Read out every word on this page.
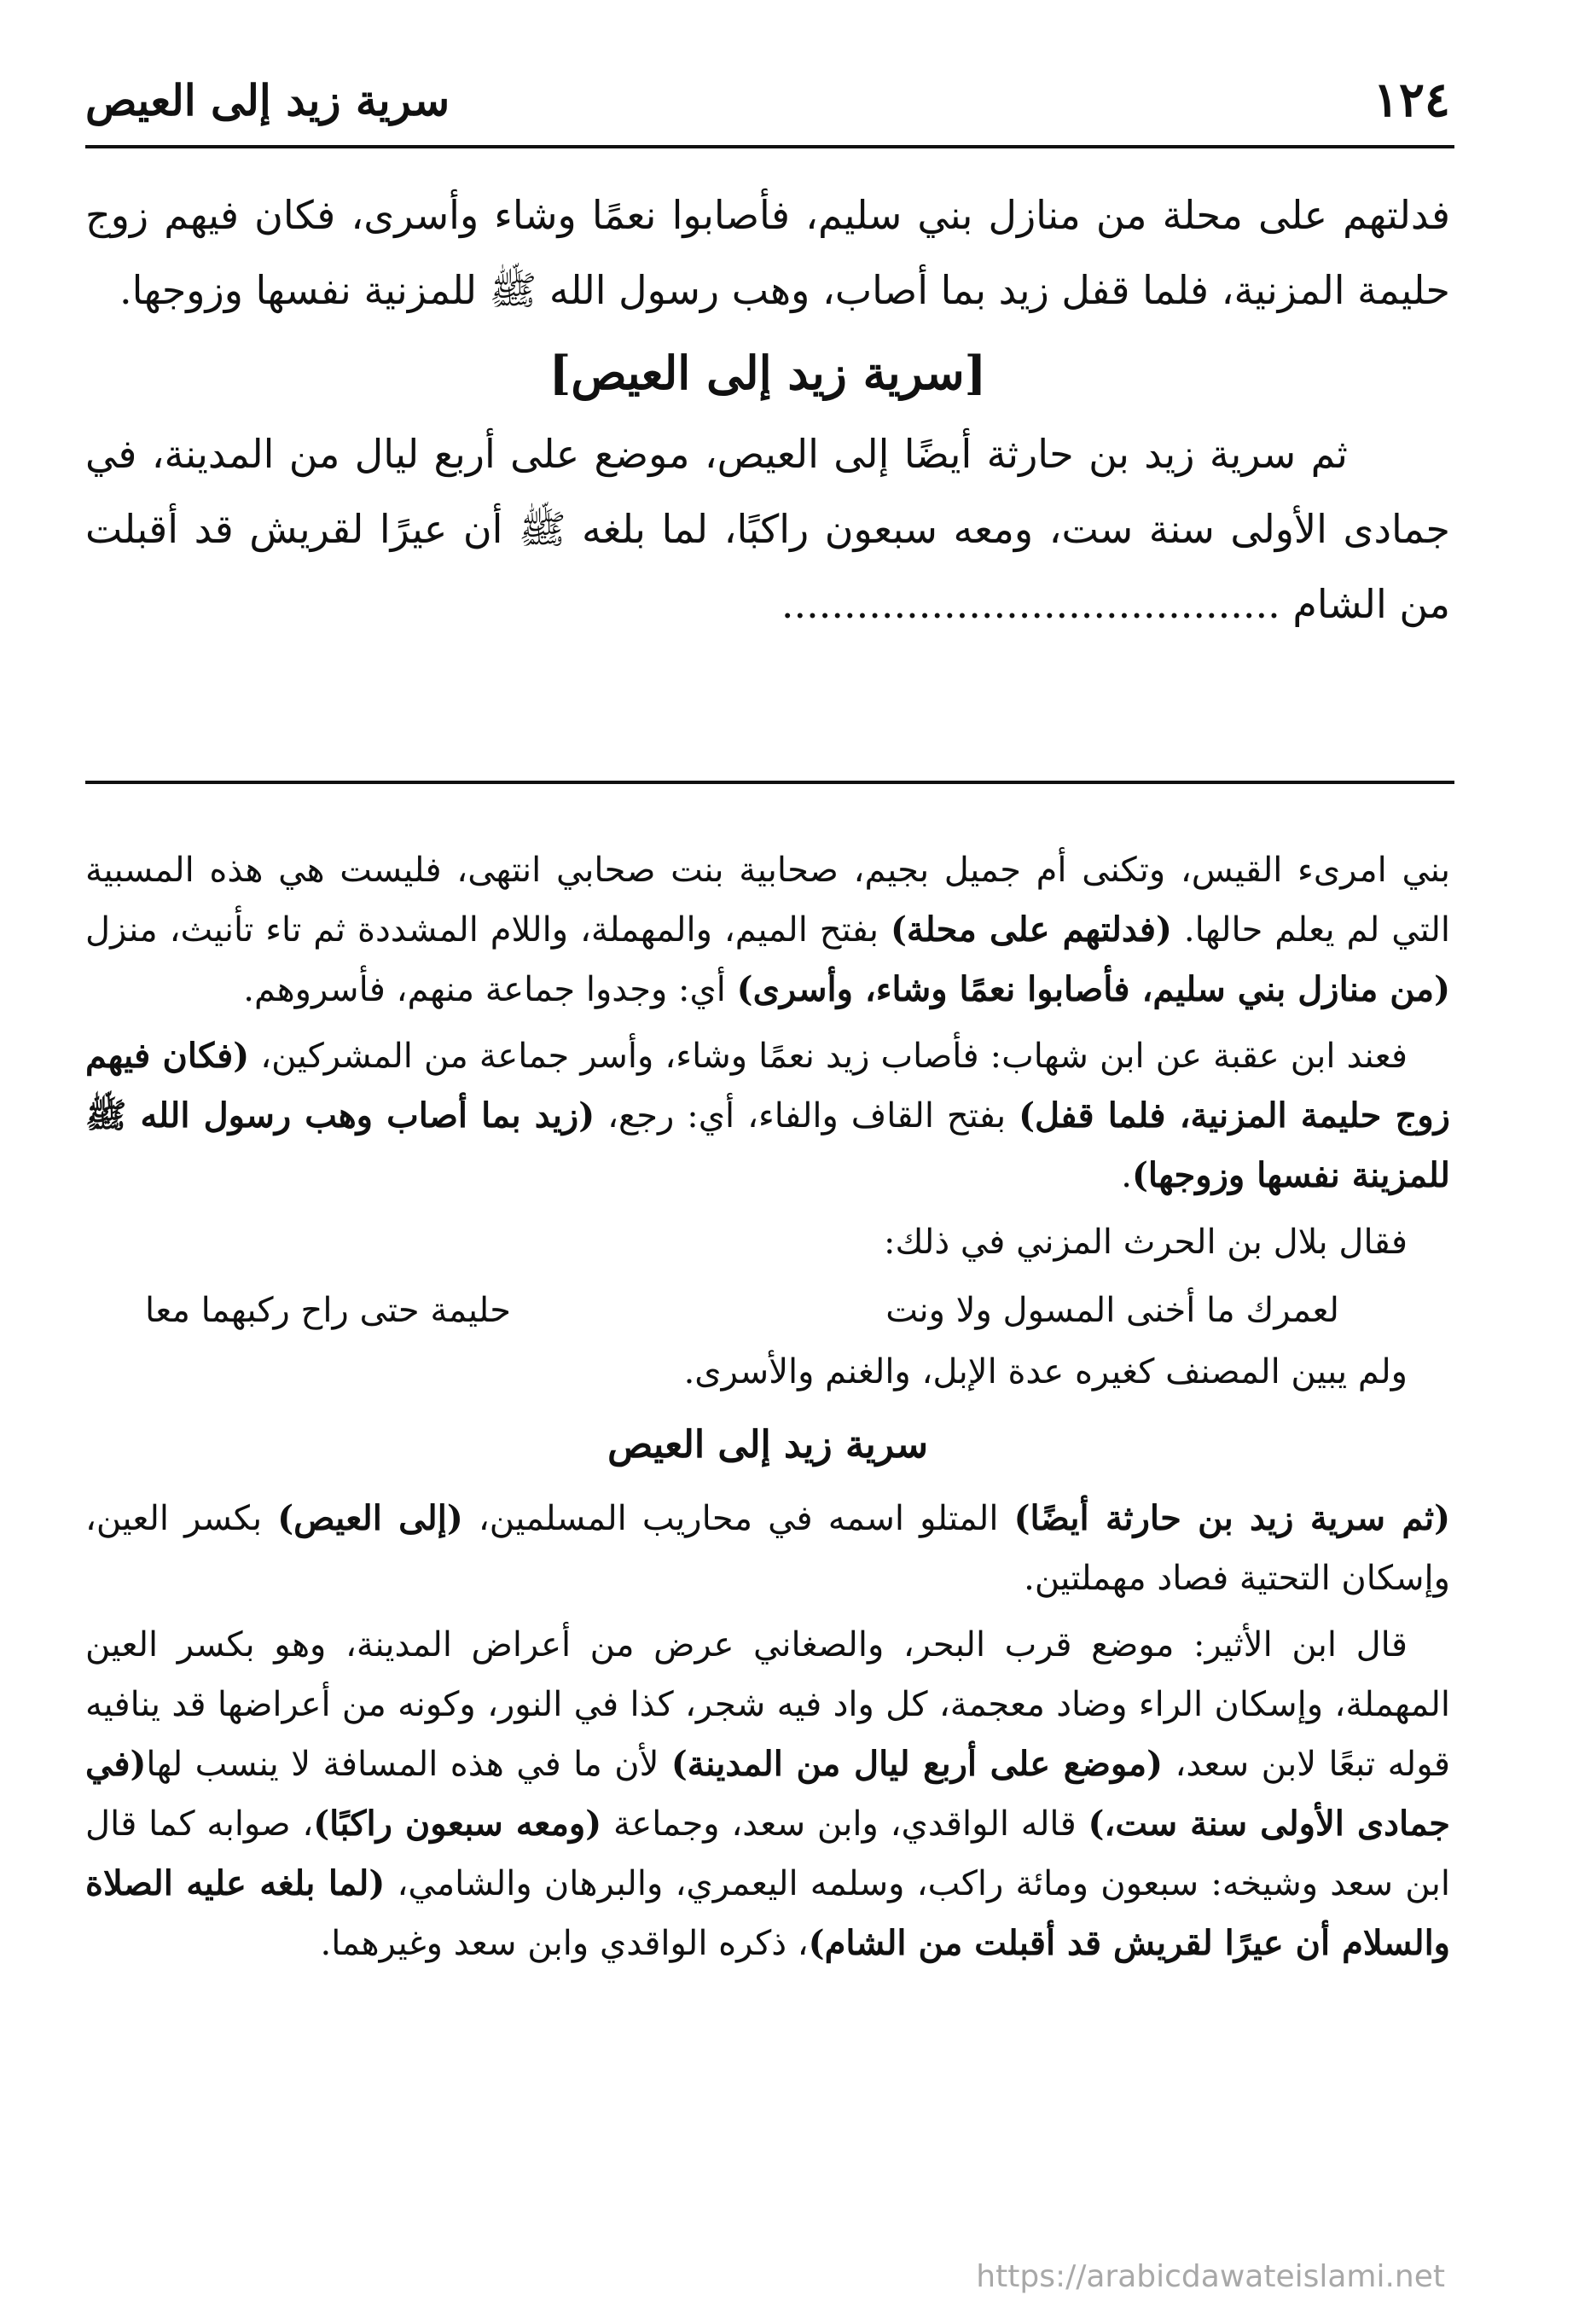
سرية زيد إلى العيص	١٢٤

فدلتهم على محلة من منازل بني سليم، فأصابوا نعمًا وشاء وأسرى، فكان فيهم زوج حليمة المزنية، فلما قفل زيد بما أصاب، وهب رسول الله ﷺ للمزنية نفسها وزوجها.

[سرية زيد إلى العيص]

ثم سرية زيد بن حارثة أيضًا إلى العيص، موضع على أربع ليال من المدينة، في جمادى الأولى سنة ست، ومعه سبعون راكبًا، لما بلغه ﷺ أن عيرًا لقريش قد أقبلت من الشام ........................................

بني امرىء القيس، وتكنى أم جميل بجيم، صحابية بنت صحابي انتهى، فليست هي هذه المسبية التي لم يعلم حالها. (فدلتهم على محلة) بفتح الميم، والمهملة، واللام المشددة ثم تاء تأنيث، منزل (من منازل بني سليم، فأصابوا نعمًا وشاء، وأسرى) أي: وجدوا جماعة منهم، فأسروهم.

فعند ابن عقبة عن ابن شهاب: فأصاب زيد نعمًا وشاء، وأسر جماعة من المشركين، (فكان فيهم زوج حليمة المزنية، فلما قفل) بفتح القاف والفاء، أي: رجع، (زيد بما أصاب وهب رسول الله ﷺ للمزينة نفسها وزوجها).

فقال بلال بن الحرث المزني في ذلك:

لعمرك ما أخنى المسول ولا ونت
حليمة حتى راح ركبهما معا

ولم يبين المصنف كغيره عدة الإبل، والغنم والأسرى.

سرية زيد إلى العيص

(ثم سرية زيد بن حارثة أيضًا) المتلو اسمه في محاريب المسلمين، (إلى العيص) بكسر العين، وإسكان التحتية فصاد مهملتين.

قال ابن الأثير: موضع قرب البحر، والصغاني عرض من أعراض المدينة، وهو بكسر العين المهملة، وإسكان الراء وضاد معجمة، كل واد فيه شجر، كذا في النور، وكونه من أعراضها قد ينافيه قوله تبعًا لابن سعد، (موضع على أربع ليال من المدينة) لأن ما في هذه المسافة لا ينسب لها(في جمادى الأولى سنة ست،) قاله الواقدي، وابن سعد، وجماعة (ومعه سبعون راكبًا)، صوابه كما قال ابن سعد وشيخه: سبعون ومائة راكب، وسلمه اليعمري، والبرهان والشامي، (لما بلغه عليه الصلاة والسلام أن عيرًا لقريش قد أقبلت من الشام)، ذكره الواقدي وابن سعد وغيرهما.

https://arabicdawateislami.net
